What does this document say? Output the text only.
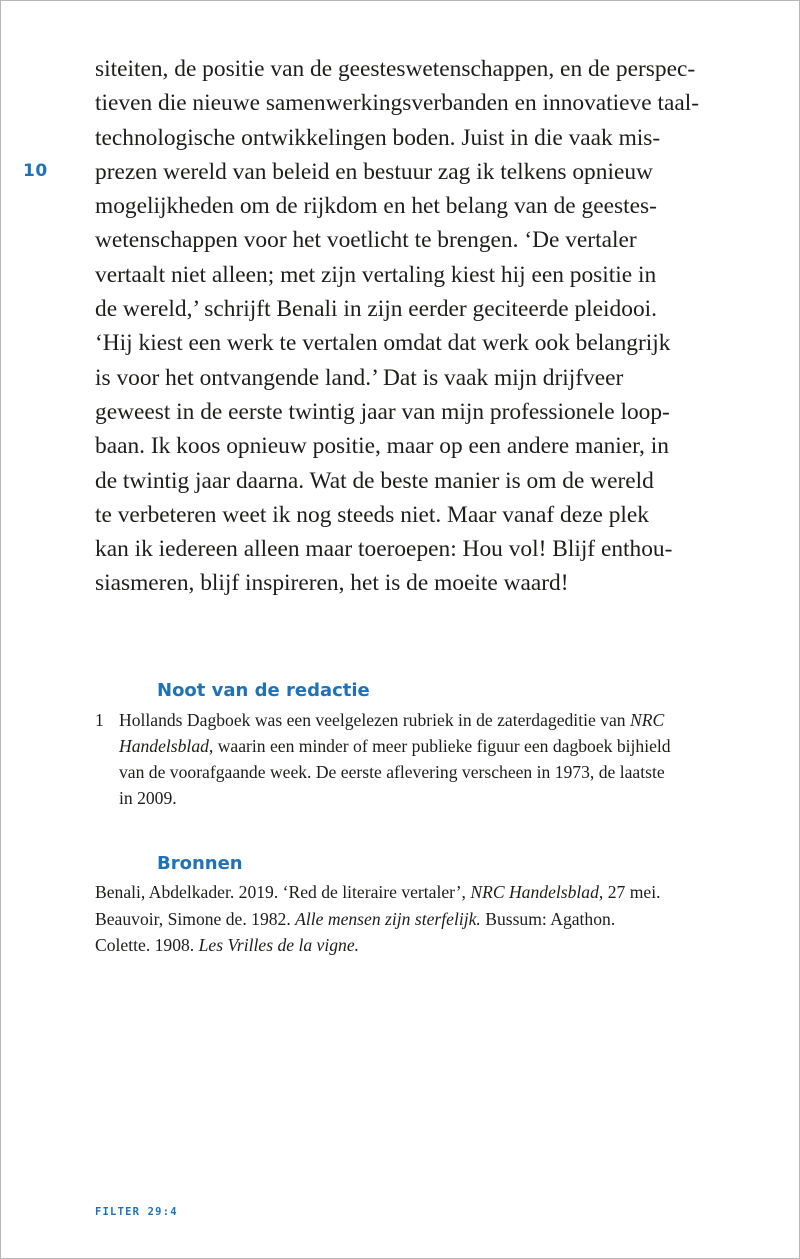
10
siteiten, de positie van de geesteswetenschappen, en de perspec-
tieven die nieuwe samenwerkingsverbanden en innovatieve taal-
technologische ontwikkelingen boden. Juist in die vaak mis-
prezen wereld van beleid en bestuur zag ik telkens opnieuw
mogelijkheden om de rijkdom en het belang van de geestes-
wetenschappen voor het voetlicht te brengen. ‘De vertaler
vertaalt niet alleen; met zijn vertaling kiest hij een positie in
de wereld,’ schrijft Benali in zijn eerder geciteerde pleidooi.
‘Hij kiest een werk te vertalen omdat dat werk ook belangrijk
is voor het ontvangende land.’ Dat is vaak mijn drijfveer
geweest in de eerste twintig jaar van mijn professionele loop-
baan. Ik koos opnieuw positie, maar op een andere manier, in
de twintig jaar daarna. Wat de beste manier is om de wereld
te verbeteren weet ik nog steeds niet. Maar vanaf deze plek
kan ik iedereen alleen maar toeroepen: Hou vol! Blijf enthou-
siasmeren, blijf inspireren, het is de moeite waard!
Noot van de redactie
1 Hollands Dagboek was een veelgelezen rubriek in de zaterdageditie van NRC
Handelsblad, waarin een minder of meer publieke figuur een dagboek bijhield
van de voorafgaande week. De eerste aflevering verscheen in 1973, de laatste
in 2009.
Bronnen
Benali, Abdelkader. 2019. ‘Red de literaire vertaler’, NRC Handelsblad, 27 mei.
Beauvoir, Simone de. 1982. Alle mensen zijn sterfelijk. Bussum: Agathon.
Colette. 1908. Les Vrilles de la vigne.
FILTER 29:4
